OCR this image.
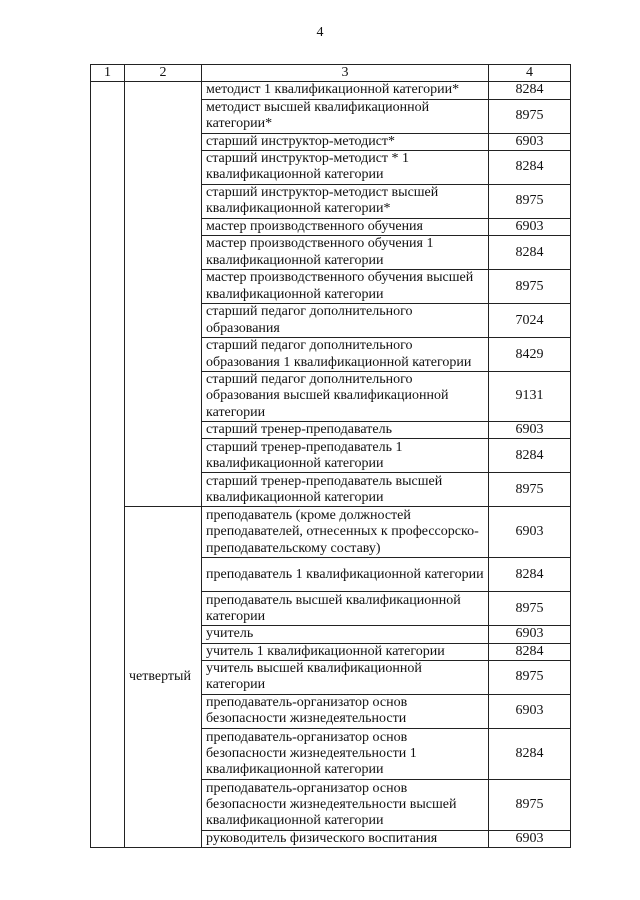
4
1	2	3	4
		методист 1 квалификационной категории*	8284
		методист высшей квалификационной категории*	8975
		старший инструктор-методист*	6903
		старший инструктор-методист * 1 квалификационной категории	8284
		старший инструктор-методист высшей квалификационной категории*	8975
		мастер производственного обучения	6903
		мастер производственного обучения 1 квалификационной категории	8284
		мастер производственного обучения высшей квалификационной категории	8975
		старший педагог дополнительного образования	7024
		старший педагог дополнительного образования 1 квалификационной категории	8429
		старший педагог дополнительного образования высшей квалификационной категории	9131
		старший тренер-преподаватель	6903
		старший тренер-преподаватель 1 квалификационной категории	8284
		старший тренер-преподаватель высшей квалификационной категории	8975
	четвертый	преподаватель (кроме должностей преподавателей, отнесенных к профессорско-преподавательскому составу)	6903
		преподаватель 1 квалификационной категории	8284
		преподаватель высшей квалификационной категории	8975
		учитель	6903
		учитель 1 квалификационной категории	8284
		учитель высшей квалификационной категории	8975
		преподаватель-организатор основ безопасности жизнедеятельности	6903
		преподаватель-организатор основ безопасности жизнедеятельности 1 квалификационной категории	8284
		преподаватель-организатор основ безопасности жизнедеятельности высшей квалификационной категории	8975
		руководитель физического воспитания	6903
